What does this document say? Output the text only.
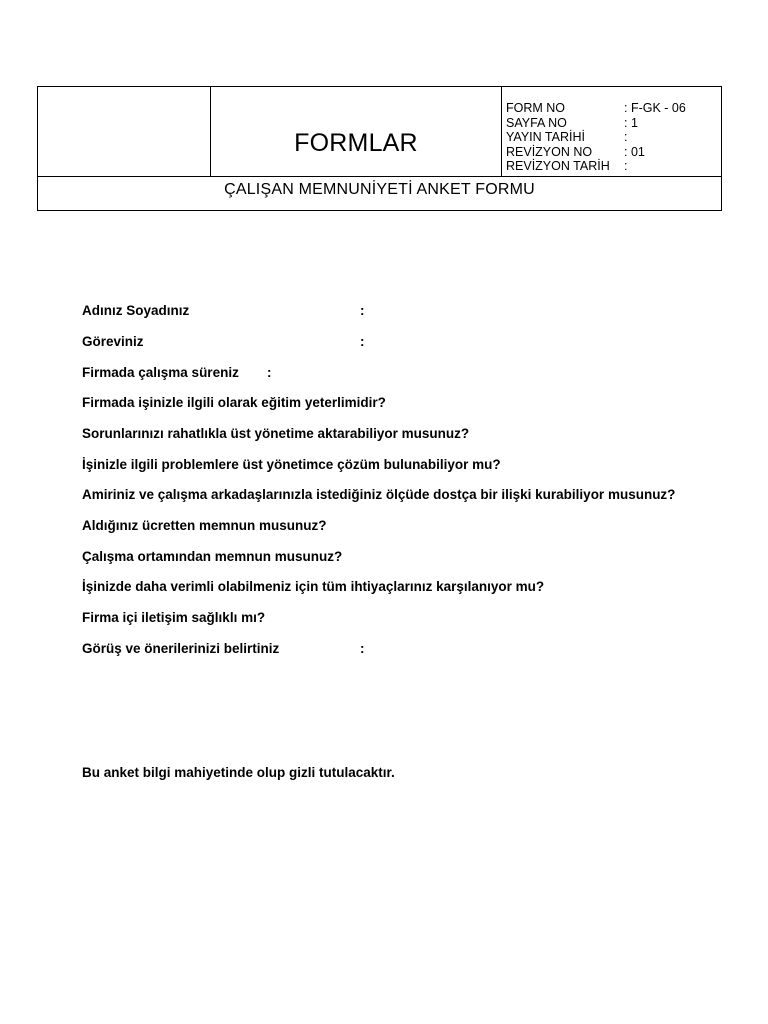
FORMLAR
FORM NO	: F-GK - 06
SAYFA NO	: 1
YAYIN TARİHİ	:
REVİZYON NO	: 01
REVİZYON TARİH :
ÇALIŞAN MEMNUNİYETİ ANKET FORMU
Adınız Soyadınız	:
Göreviniz	:
Firmada çalışma süreniz :
Firmada işinizle ilgili olarak eğitim yeterlimidir?
Sorunlarınızı rahatlıkla üst yönetime aktarabiliyor musunuz?
İşinizle ilgili problemlere üst yönetimce çözüm bulunabiliyor mu?
Amiriniz ve çalışma arkadaşlarınızla istediğiniz ölçüde dostça bir ilişki kurabiliyor musunuz?
Aldığınız ücretten memnun musunuz?
Çalışma ortamından memnun musunuz?
İşinizde daha verimli olabilmeniz için tüm ihtiyaçlarınız karşılanıyor mu?
Firma içi iletişim sağlıklı mı?
Görüş ve önerilerinizi belirtiniz	:
Bu anket bilgi mahiyetinde olup gizli tutulacaktır.
